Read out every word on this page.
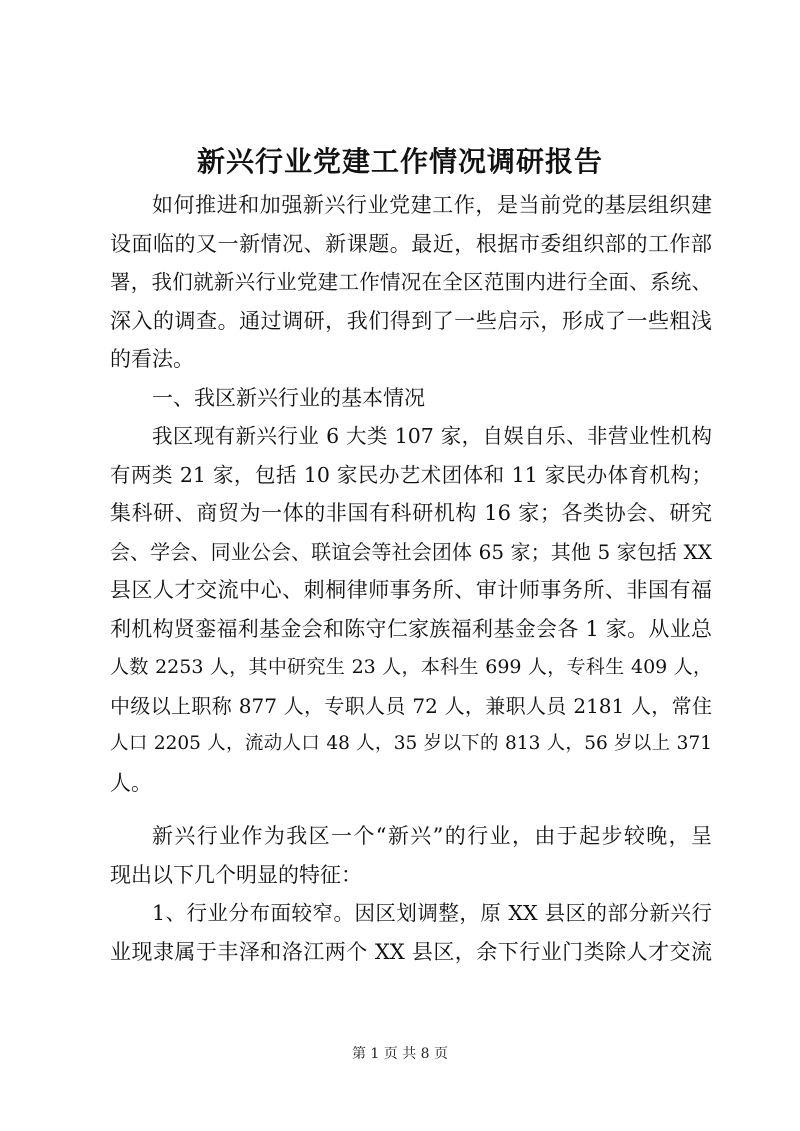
新兴行业党建工作情况调研报告
如何推进和加强新兴行业党建工作，是当前党的基层组织建
设面临的又一新情况、新课题。最近，根据市委组织部的工作部
署，我们就新兴行业党建工作情况在全区范围内进行全面、系统、
深入的调查。通过调研，我们得到了一些启示，形成了一些粗浅
的看法。
一、我区新兴行业的基本情况
我区现有新兴行业 6 大类 107 家，自娱自乐、非营业性机构
有两类 21 家，包括 10 家民办艺术团体和 11 家民办体育机构；
集科研、商贸为一体的非国有科研机构 16 家；各类协会、研究
会、学会、同业公会、联谊会等社会团体 65 家；其他 5 家包括 XX
县区人才交流中心、刺桐律师事务所、审计师事务所、非国有福
利机构贤銮福利基金会和陈守仁家族福利基金会各 1 家。从业总
人数 2253 人，其中研究生 23 人，本科生 699 人，专科生 409 人，
中级以上职称 877 人，专职人员 72 人，兼职人员 2181 人，常住
人口 2205 人，流动人口 48 人，35 岁以下的 813 人，56 岁以上 371
人。
新兴行业作为我区一个“新兴”的行业，由于起步较晚，呈
现出以下几个明显的特征：
1、行业分布面较窄。因区划调整，原 XX 县区的部分新兴行
业现隶属于丰泽和洛江两个 XX 县区，余下行业门类除人才交流
第 1 页 共 8 页
